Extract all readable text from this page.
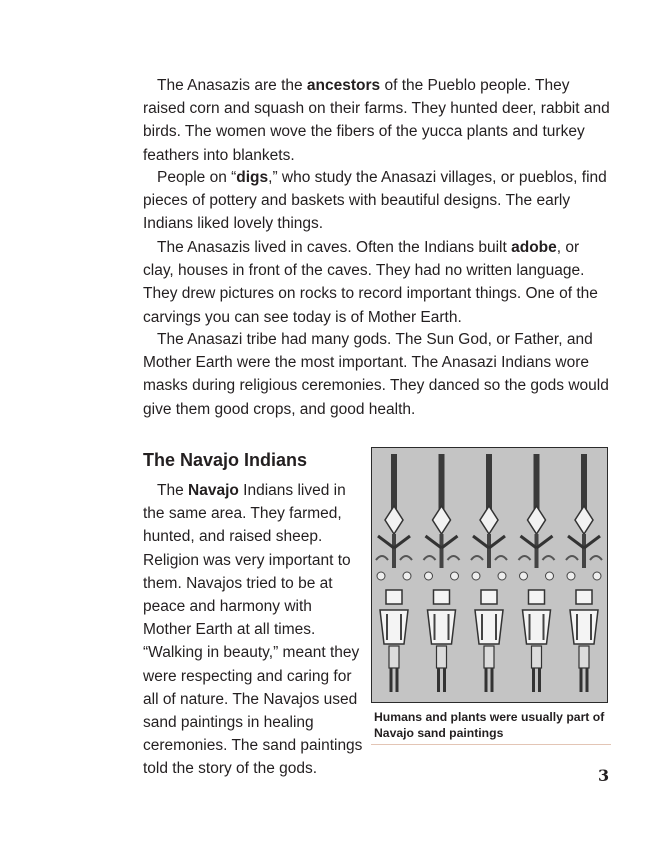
The Anasazis are the ancestors of the Pueblo people. They raised corn and squash on their farms. They hunted deer, rabbit and birds. The women wove the fibers of the yucca plants and turkey feathers into blankets.
People on “digs,” who study the Anasazi villages, or pueblos, find pieces of pottery and baskets with beautiful designs. The early Indians liked lovely things.
The Anasazis lived in caves. Often the Indians built adobe, or clay, houses in front of the caves. They had no written language. They drew pictures on rocks to record important things. One of the carvings you can see today is of Mother Earth.
The Anasazi tribe had many gods. The Sun God, or Father, and Mother Earth were the most important. The Anasazi Indians wore masks during religious ceremonies. They danced so the gods would give them good crops, and good health.
The Navajo Indians
The Navajo Indians lived in the same area. They farmed, hunted, and raised sheep. Religion was very important to them. Navajos tried to be at peace and harmony with Mother Earth at all times. “Walking in beauty,” meant they were respecting and caring for all of nature. The Navajos used sand paintings in healing ceremonies. The sand paintings told the story of the gods.

Humans and plants were usually part of Navajo sand paintings

3
